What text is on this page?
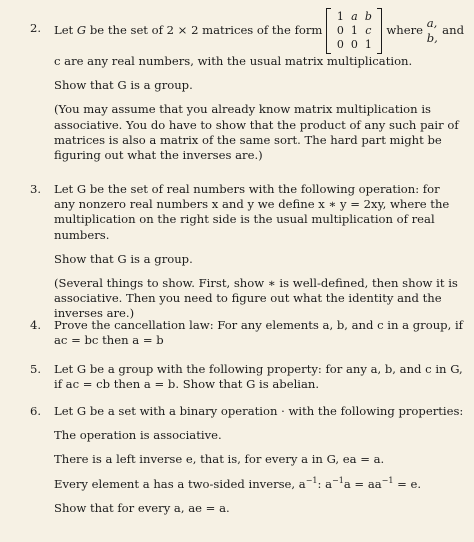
2. Let G be the set of 2 × 2 matrices of the form
1 a b
0 1 c
0 0 1
where
a, b,
and

c are any real numbers, with the usual matrix multiplication.

Show that G is a group.

(You may assume that you already know matrix multiplication is associative. You do have to show that the product of any such pair of matrices is also a matrix of the same sort. The hard part might be figuring out what the inverses are.)

3. Let G be the set of real numbers with the following operation: for any nonzero real numbers x and y we define x ∗ y = 2xy, where the multiplication on the right side is the usual multiplication of real numbers.

Show that G is a group.

(Several things to show. First, show ∗ is well-defined, then show it is associative. Then you need to figure out what the identity and the inverses are.)

4. Prove the cancellation law: For any elements a, b, and c in a group, if ac = bc then a = b

5. Let G be a group with the following property: for any a, b, and c in G, if ac = cb then a = b. Show that G is abelian.

6. Let G be a set with a binary operation · with the following properties:

The operation is associative.

There is a left inverse e, that is, for every a in G, ea = a.

Every element a has a two-sided inverse, $a^{-1}$: $a^{-1}a = aa^{-1} = e$.

Show that for every a, ae = a.
